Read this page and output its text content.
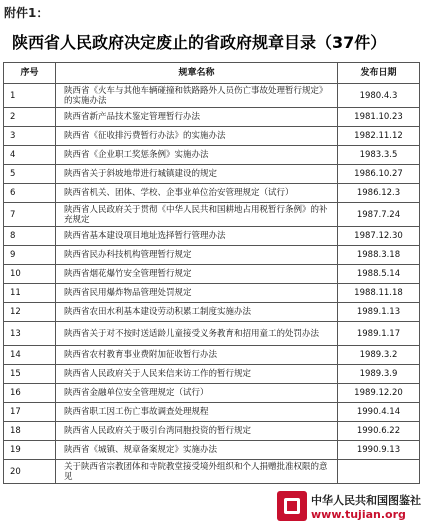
附件1：
陕西省人民政府决定废止的省政府规章目录（37件）
序号	规章名称	发布日期
1	陕西省《火车与其他车辆碰撞和铁路路外人员伤亡事故处理暂行规定》的实施办法	1980.4.3
2	陕西省新产品技术鉴定管理暂行办法	1981.10.23
3	陕西省《征收排污费暂行办法》的实施办法	1982.11.12
4	陕西省《企业职工奖惩条例》实施办法	1983.3.5
5	陕西省关于斜坡地带进行城镇建设的规定	1986.10.27
6	陕西省机关、团体、学校、企事业单位治安管理规定（试行）	1986.12.3
7	陕西省人民政府关于贯彻《中华人民共和国耕地占用税暂行条例》的补充规定	1987.7.24
8	陕西省基本建设项目地址选择暂行管理办法	1987.12.30
9	陕西省民办科技机构管理暂行规定	1988.3.18
10	陕西省烟花爆竹安全管理暂行规定	1988.5.14
11	陕西省民用爆炸物品管理处罚规定	1988.11.18
12	陕西省农田水利基本建设劳动积累工制度实施办法	1989.1.13
13	陕西省关于对不按时送适龄儿童接受义务教育和招用童工的处罚办法	1989.1.17
14	陕西省农村教育事业费附加征收暂行办法	1989.3.2
15	陕西省人民政府关于人民来信来访工作的暂行规定	1989.3.9
16	陕西省金融单位安全管理规定（试行）	1989.12.20
17	陕西省职工因工伤亡事故调查处理规程	1990.4.14
18	陕西省人民政府关于吸引台湾同胞投资的暂行规定	1990.6.22
19	陕西省《城镇、规章备案规定》实施办法	1990.9.13
20	关于陕西省宗教团体和寺院教堂接受境外组织和个人捐赠批准权限的意见	
中华人民共和国图鉴社
www.tujian.org
